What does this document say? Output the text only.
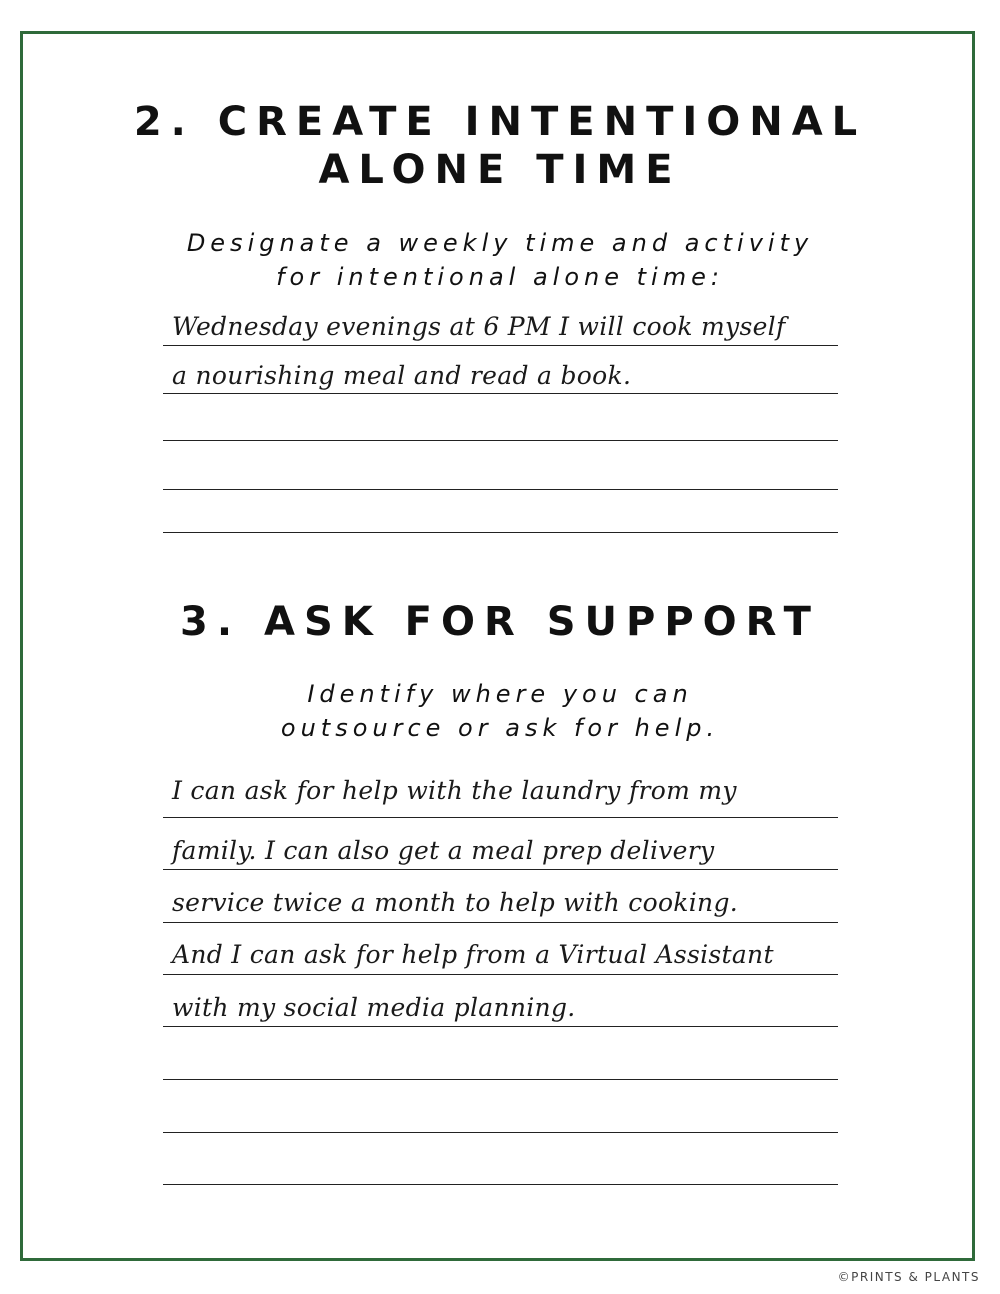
2. CREATE INTENTIONAL
ALONE TIME

Designate a weekly time and activity
for intentional alone time:

Wednesday evenings at 6 PM I will cook myself
a nourishing meal and read a book.
3. ASK FOR SUPPORT

Identify where you can
outsource or ask for help.

I can ask for help with the laundry from my
family. I can also get a meal prep delivery
service twice a month to help with cooking.
And I can ask for help from a Virtual Assistant
with my social media planning.
©PRINTS & PLANTS
